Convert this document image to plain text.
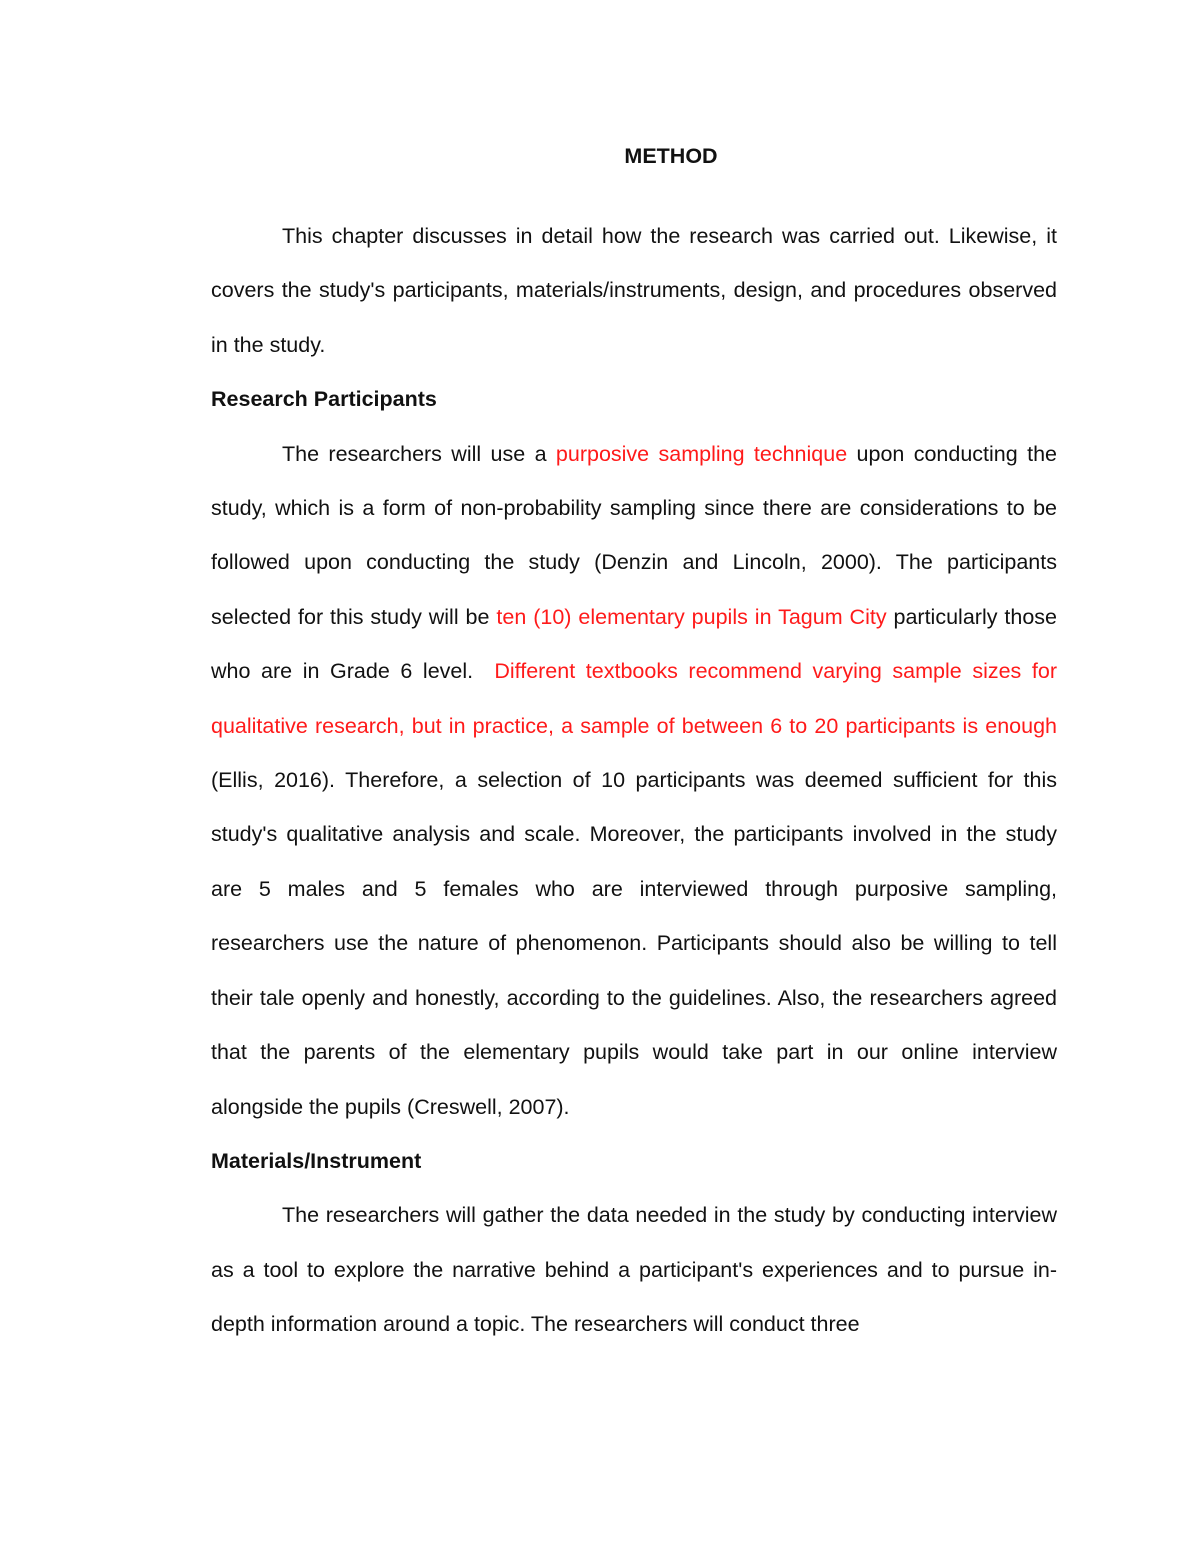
METHOD

This chapter discusses in detail how the research was carried out. Likewise, it covers the study's participants, materials/instruments, design, and procedures observed in the study.

Research Participants

The researchers will use a purposive sampling technique upon conducting the study, which is a form of non-probability sampling since there are considerations to be followed upon conducting the study (Denzin and Lincoln, 2000). The participants selected for this study will be ten (10) elementary pupils in Tagum City particularly those who are in Grade 6 level.  Different textbooks recommend varying sample sizes for qualitative research, but in practice, a sample of between 6 to 20 participants is enough (Ellis, 2016). Therefore, a selection of 10 participants was deemed sufficient for this study's qualitative analysis and scale. Moreover, the participants involved in the study are 5 males and 5 females who are interviewed through purposive sampling, researchers use the nature of phenomenon. Participants should also be willing to tell their tale openly and honestly, according to the guidelines. Also, the researchers agreed that the parents of the elementary pupils would take part in our online interview alongside the pupils (Creswell, 2007).

Materials/Instrument

The researchers will gather the data needed in the study by conducting interview as a tool to explore the narrative behind a participant's experiences and to pursue in-depth information around a topic. The researchers will conduct three
